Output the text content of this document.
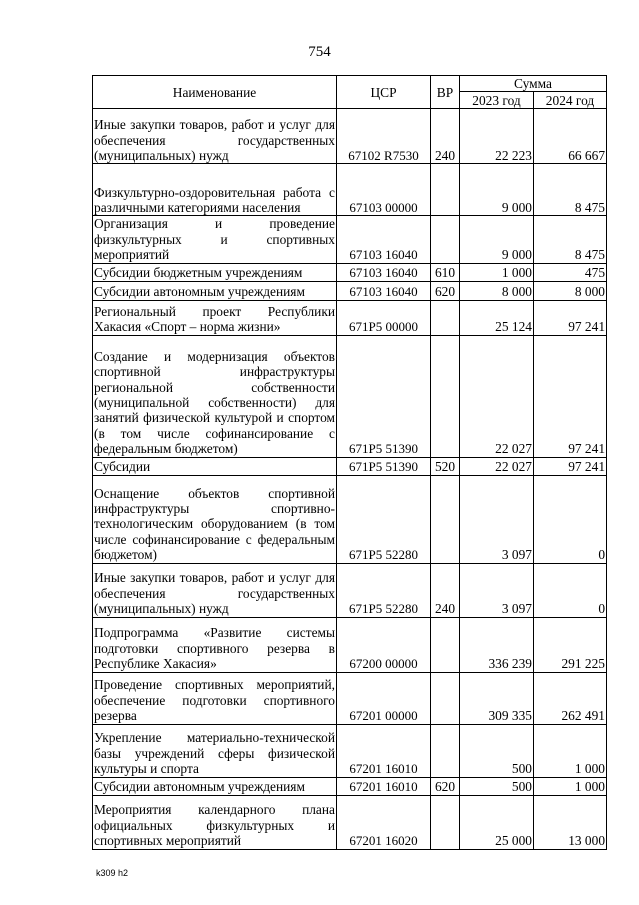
754
Наименование	ЦСР	ВР	Сумма	
			2023 год	2024 год
Иные закупки товаров, работ и услуг для обеспечения государственных (муниципальных) нужд	67102 R7530	240	22 223	66 667
Физкультурно-оздоровительная работа с различными категориями населения	67103 00000		9 000	8 475
Организация и проведение физкультурных и спортивных мероприятий	67103 16040		9 000	8 475
Субсидии бюджетным учреждениям	67103 16040	610	1 000	475
Субсидии автономным учреждениям	67103 16040	620	8 000	8 000
Региональный проект Республики Хакасия «Спорт – норма жизни»	671P5 00000		25 124	97 241
Создание и модернизация объектов спортивной инфраструктуры региональной собственности (муниципальной собственности) для занятий физической культурой и спортом (в том числе софинансирование с федеральным бюджетом)	671P5 51390		22 027	97 241
Субсидии	671P5 51390	520	22 027	97 241
Оснащение объектов спортивной инфраструктуры спортивно-технологическим оборудованием (в том числе софинансирование с федеральным бюджетом)	671P5 52280		3 097	0
Иные закупки товаров, работ и услуг для обеспечения государственных (муниципальных) нужд	671P5 52280	240	3 097	0
Подпрограмма «Развитие системы подготовки спортивного резерва в Республике Хакасия»	67200 00000		336 239	291 225
Проведение спортивных мероприятий, обеспечение подготовки спортивного резерва	67201 00000		309 335	262 491
Укрепление материально-технической базы учреждений сферы физической культуры и спорта	67201 16010		500	1 000
Субсидии автономным учреждениям	67201 16010	620	500	1 000
Мероприятия календарного плана официальных физкультурных и спортивных мероприятий	67201 16020		25 000	13 000
k309 h2
